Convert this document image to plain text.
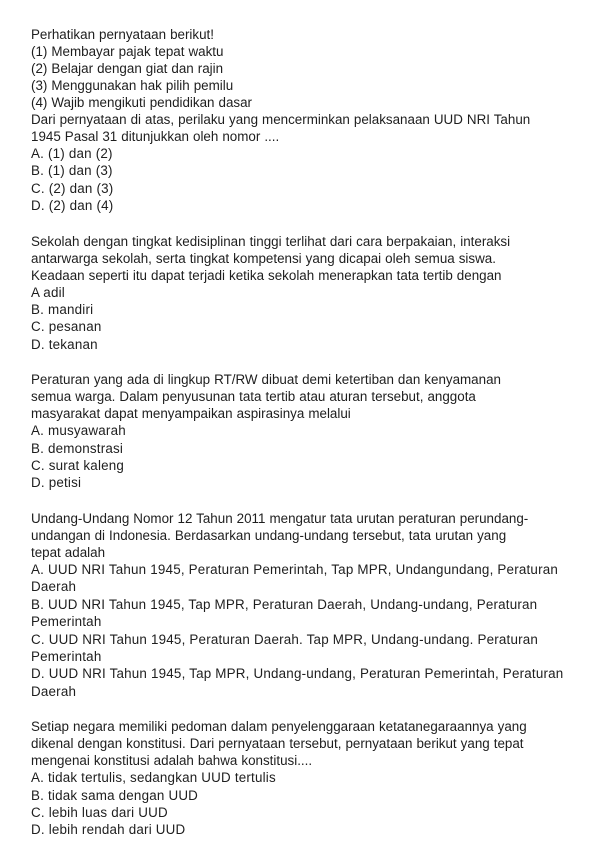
Perhatikan pernyataan berikut!
(1) Membayar pajak tepat waktu
(2) Belajar dengan giat dan rajin
(3) Menggunakan hak pilih pemilu
(4) Wajib mengikuti pendidikan dasar
Dari pernyataan di atas, perilaku yang mencerminkan pelaksanaan UUD NRI Tahun
1945 Pasal 31 ditunjukkan oleh nomor ....
A. (1) dan (2)
B. (1) dan (3)
C. (2) dan (3)
D. (2) dan (4)
Sekolah dengan tingkat kedisiplinan tinggi terlihat dari cara berpakaian, interaksi
antarwarga sekolah, serta tingkat kompetensi yang dicapai oleh semua siswa.
Keadaan seperti itu dapat terjadi ketika sekolah menerapkan tata tertib dengan
A adil
B. mandiri
C. pesanan
D. tekanan
Peraturan yang ada di lingkup RT/RW dibuat demi ketertiban dan kenyamanan
semua warga. Dalam penyusunan tata tertib atau aturan tersebut, anggota
masyarakat dapat menyampaikan aspirasinya melalui
A. musyawarah
B. demonstrasi
C. surat kaleng
D. petisi
Undang-Undang Nomor 12 Tahun 2011 mengatur tata urutan peraturan perundang-
undangan di Indonesia. Berdasarkan undang-undang tersebut, tata urutan yang
tepat adalah
A. UUD NRI Tahun 1945, Peraturan Pemerintah, Tap MPR, Undangundang, Peraturan Daerah
B. UUD NRI Tahun 1945, Tap MPR, Peraturan Daerah, Undang-undang, Peraturan Pemerintah
C. UUD NRI Tahun 1945, Peraturan Daerah. Tap MPR, Undang-undang. Peraturan Pemerintah
D. UUD NRI Tahun 1945, Tap MPR, Undang-undang, Peraturan Pemerintah, Peraturan Daerah
Setiap negara memiliki pedoman dalam penyelenggaraan ketatanegaraannya yang
dikenal dengan konstitusi. Dari pernyataan tersebut, pernyataan berikut yang tepat
mengenai konstitusi adalah bahwa konstitusi....
A. tidak tertulis, sedangkan UUD tertulis
B. tidak sama dengan UUD
C. lebih luas dari UUD
D. lebih rendah dari UUD
